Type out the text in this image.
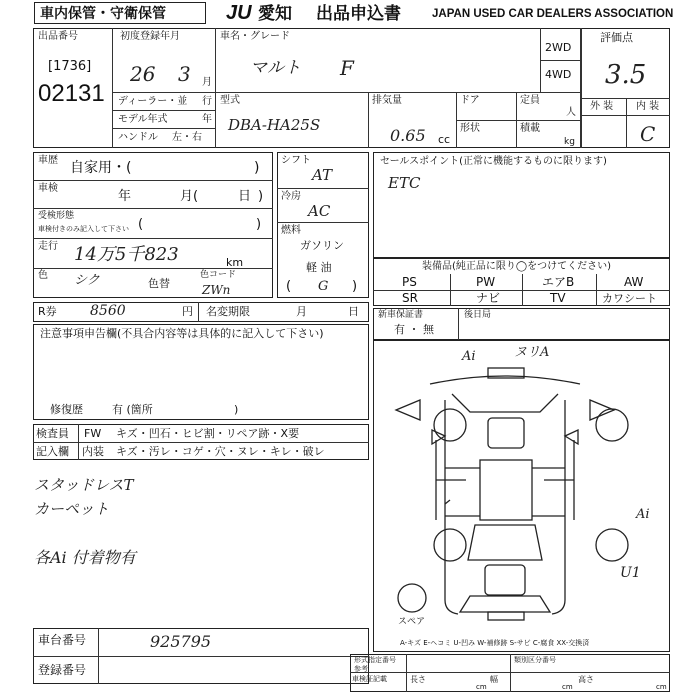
車内保管・守衛保管	JU 愛知 出品申込書	JAPAN USED CAR DEALERS ASSOCIATION
出品番号
[1736]
02131
初度登録年月
26 3 月
ディーラー・並 行
モデル年式	年
ハンドル 左・右
車名・グレード
マルト F
2WD
4WD
型式
DBA-HA25S
排気量
0.65 cc
ドア	定員
人
形状	積載
kg
評価点
3.5
外 装 内 装
C
車歴 自家用・(	)
車検
年	月(	日 )
受検形態
車検付きのみ記入して下さい (	)
走行 14万5千823	km
色 シク	色替
色コード
ZWn
シフト
AT
冷房
AC
燃料
ガソリン
軽 油
( G )
セールスポイント(正常に機能するものに限ります)
ETC
装備品(純正品に限り◯をつけてください)
PS	PW	エアB	AW
SR	ナビ	TV	カワシート
R券 8560	円 名変期限	月	日 新車保証書
有 ・ 無
後日局
注意事項申告欄(不具合内容等は具体的に記入して下さい)
修復歴	有 (箇所	)
検査員
記入欄
FW キズ・凹石・ヒビ割・リペア跡・X要
内装 キズ・汚レ・コゲ・穴・ヌレ・キレ・破レ
スタッドレスT
カーペット
各Ai 付着物有
Ai	ヌリA
Ai
U1
スペア
A-キズ E-ヘコミ U-凹み W-補修跡 S-サビ C-腐食 XX-交換済
車台番号	925795
登録番号
形式指定番号	類別区分番号
参考
車検証記載	長さ	幅	高さ
cm	cm	cm
